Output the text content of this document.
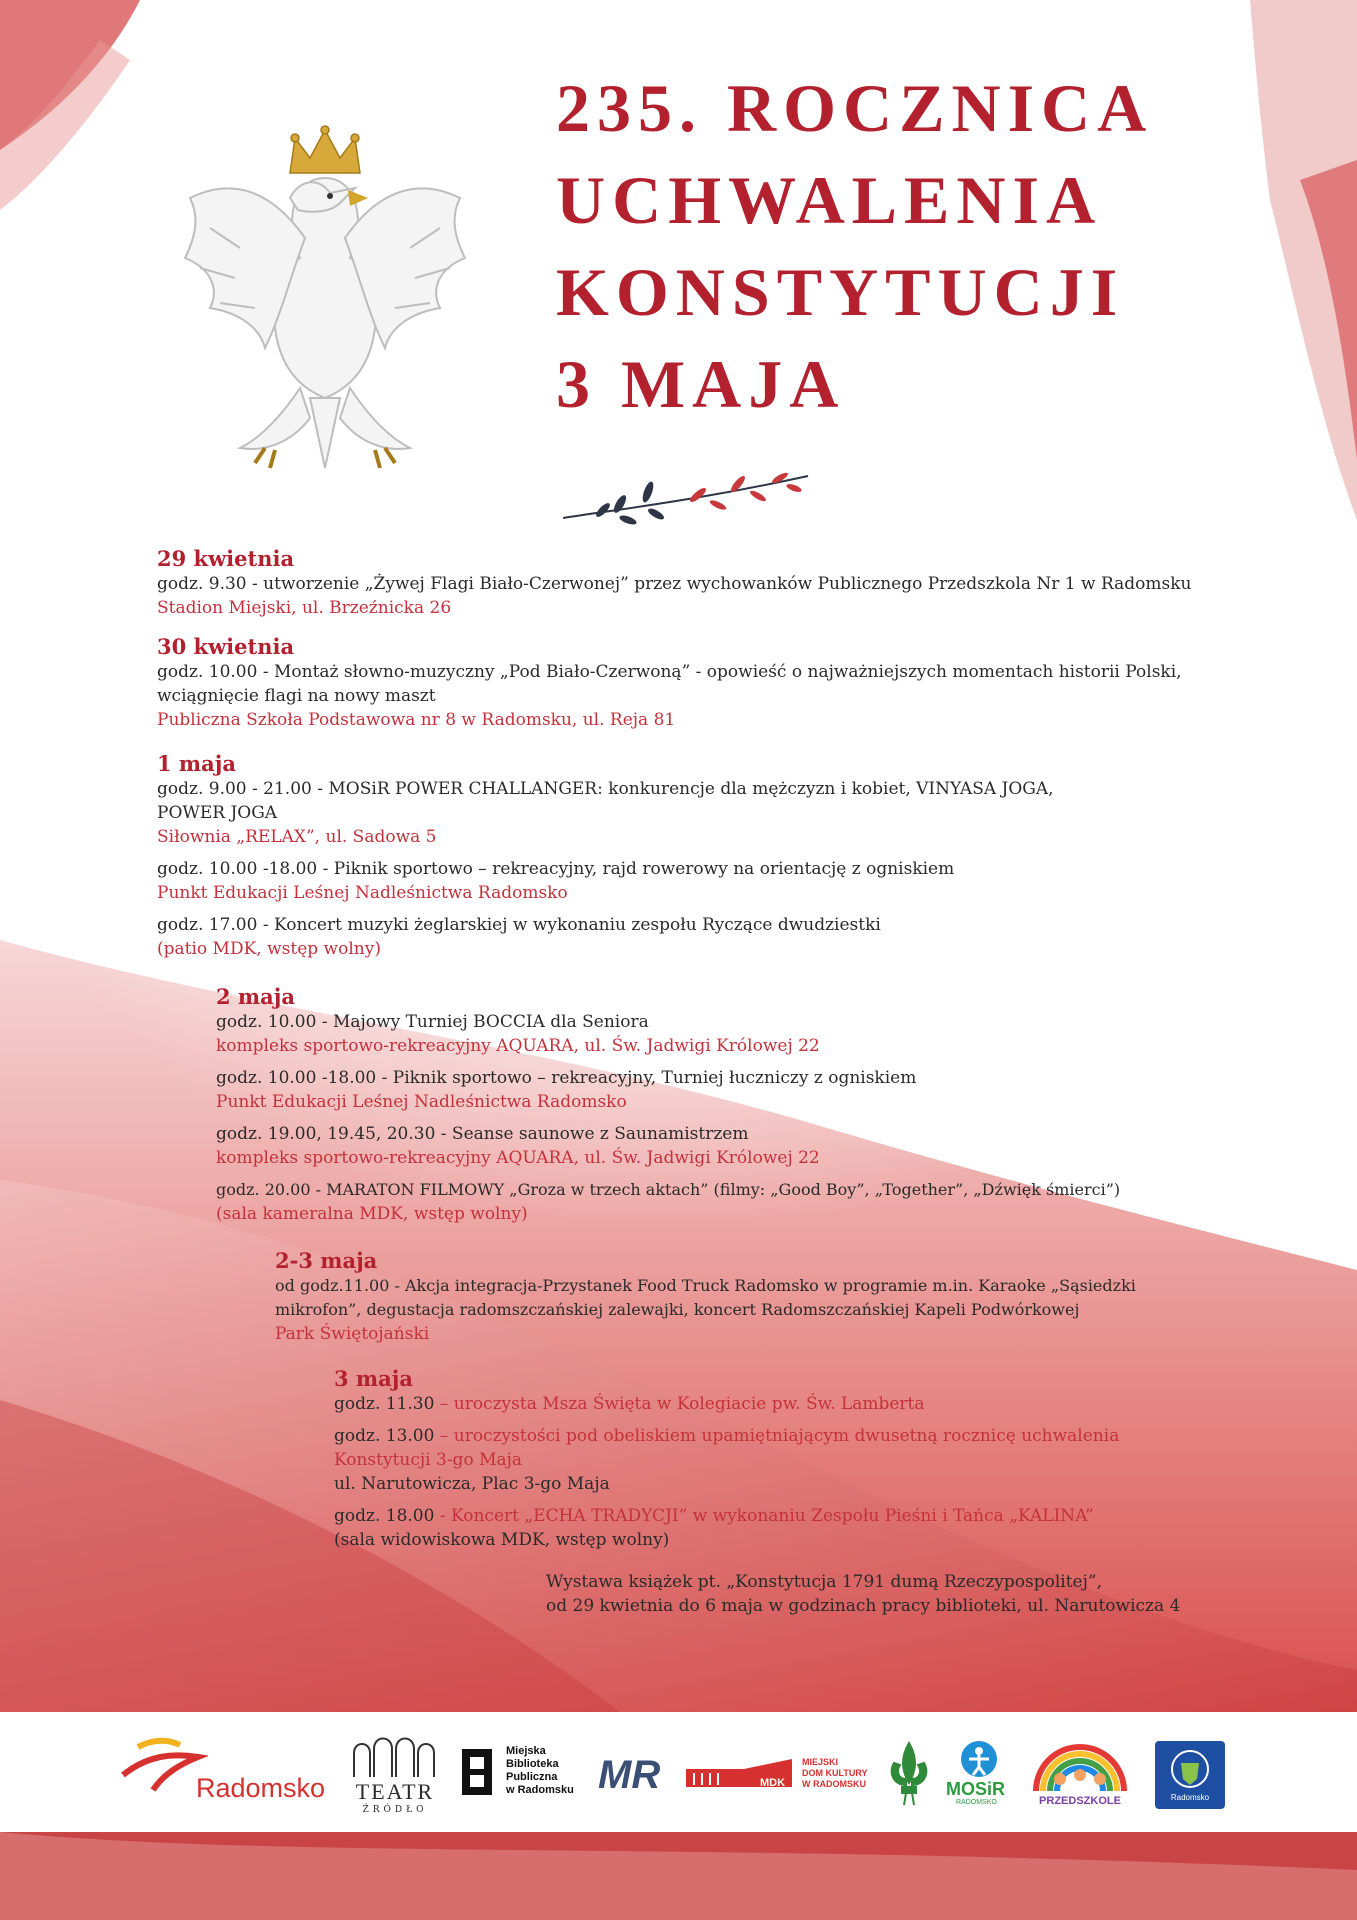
235. ROCZNICA
UCHWALENIA
KONSTYTUCJI
3 MAJA
29 kwietnia
godz. 9.30 - utworzenie „Żywej Flagi Biało-Czerwonej” przez wychowanków Publicznego Przedszkola Nr 1 w Radomsku
Stadion Miejski, ul. Brzeźnicka 26
30 kwietnia
godz. 10.00 - Montaż słowno-muzyczny „Pod Biało-Czerwoną” - opowieść o najważniejszych momentach historii Polski,
wciągnięcie flagi na nowy maszt
Publiczna Szkoła Podstawowa nr 8 w Radomsku, ul. Reja 81
1 maja
godz. 9.00 - 21.00 - MOSiR POWER CHALLANGER: konkurencje dla mężczyzn i kobiet, VINYASA JOGA,
POWER JOGA
Siłownia „RELAX”, ul. Sadowa 5
godz. 10.00 -18.00 - Piknik sportowo – rekreacyjny, rajd rowerowy na orientację z ogniskiem
Punkt Edukacji Leśnej Nadleśnictwa Radomsko
godz. 17.00 - Koncert muzyki żeglarskiej w wykonaniu zespołu Ryczące dwudziestki
(patio MDK, wstęp wolny)
2 maja
godz. 10.00 - Majowy Turniej BOCCIA dla Seniora
kompleks sportowo-rekreacyjny AQUARA, ul. Św. Jadwigi Królowej 22
godz. 10.00 -18.00 - Piknik sportowo – rekreacyjny, Turniej łuczniczy z ogniskiem
Punkt Edukacji Leśnej Nadleśnictwa Radomsko
godz. 19.00, 19.45, 20.30 - Seanse saunowe z Saunamistrzem
kompleks sportowo-rekreacyjny AQUARA, ul. Św. Jadwigi Królowej 22
godz. 20.00 - MARATON FILMOWY „Groza w trzech aktach” (filmy: „Good Boy”, „Together”, „Dźwięk śmierci”)
(sala kameralna MDK, wstęp wolny)
2-3 maja
od godz.11.00 - Akcja integracja-Przystanek Food Truck Radomsko w programie m.in. Karaoke „Sąsiedzki
mikrofon”, degustacja radomszczańskiej zalewajki, koncert Radomszczańskiej Kapeli Podwórkowej
Park Świętojański
3 maja
godz. 11.30 – uroczysta Msza Święta w Kolegiacie pw. Św. Lamberta
godz. 13.00 – uroczystości pod obeliskiem upamiętniającym dwusetną rocznicę uchwalenia
Konstytucji 3-go Maja
ul. Narutowicza, Plac 3-go Maja
godz. 18.00 - Koncert „ECHA TRADYCJI” w wykonaniu Zespołu Pieśni i Tańca „KALINA”
(sala widowiskowa MDK, wstęp wolny)
Wystawa książek pt. „Konstytucja 1791 dumą Rzeczypospolitej”,
od 29 kwietnia do 6 maja w godzinach pracy biblioteki, ul. Narutowicza 4
Radomsko TEATR
ŹRÓDŁO
Miejska
Biblioteka
Publiczna
w Radomsku MR	MDK
MIEJSKI
DOM KULTURY
W RADOMSKU	MOSiR
RADOMSKO	PRZEDSZKOLE	Radomsko
